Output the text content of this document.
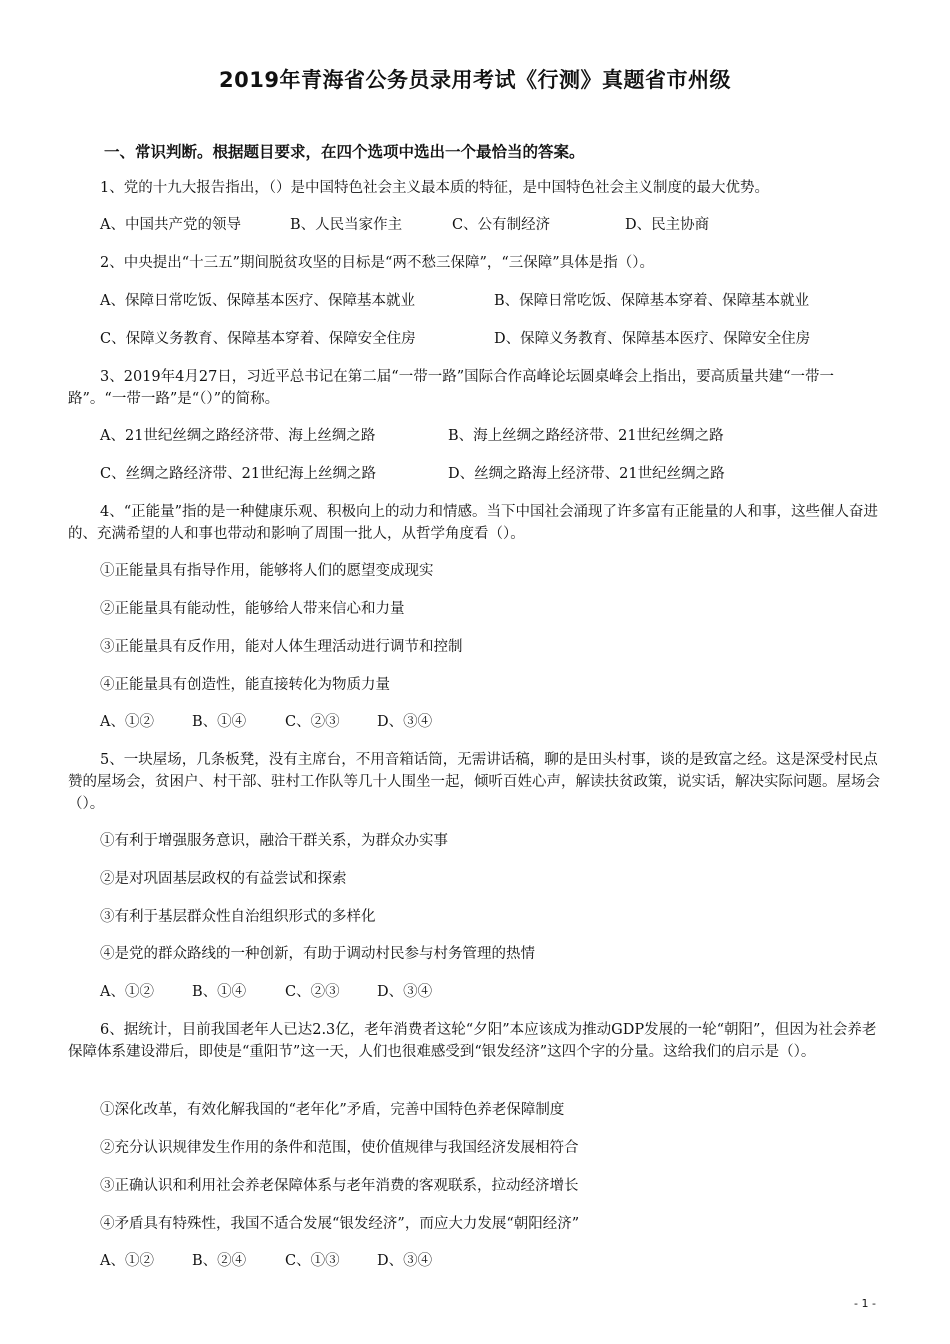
2019年青海省公务员录用考试《行测》真题省市州级
一、常识判断。根据题目要求，在四个选项中选出一个最恰当的答案。
1、党的十九大报告指出，（）是中国特色社会主义最本质的特征，是中国特色社会主义制度的最大优势。
A、中国共产党的领导	B、人民当家作主	C、公有制经济	D、民主协商
2、中央提出“十三五”期间脱贫攻坚的目标是“两不愁三保障”，“三保障”具体是指（）。
A、保障日常吃饭、保障基本医疗、保障基本就业	B、保障日常吃饭、保障基本穿着、保障基本就业
C、保障义务教育、保障基本穿着、保障安全住房	D、保障义务教育、保障基本医疗、保障安全住房
3、2019年4月27日，习近平总书记在第二届“一带一路”国际合作高峰论坛圆桌峰会上指出，要高质量共建“一带一路”。“一带一路”是“（）”的简称。
A、21世纪丝绸之路经济带、海上丝绸之路	B、海上丝绸之路经济带、21世纪丝绸之路
C、丝绸之路经济带、21世纪海上丝绸之路	D、丝绸之路海上经济带、21世纪丝绸之路
4、“正能量”指的是一种健康乐观、积极向上的动力和情感。当下中国社会涌现了许多富有正能量的人和事，这些催人奋进的、充满希望的人和事也带动和影响了周围一批人，从哲学角度看（）。
①正能量具有指导作用，能够将人们的愿望变成现实
②正能量具有能动性，能够给人带来信心和力量
③正能量具有反作用，能对人体生理活动进行调节和控制
④正能量具有创造性，能直接转化为物质力量
A、①②	B、①④	C、②③	D、③④
5、一块屋场，几条板凳，没有主席台，不用音箱话筒，无需讲话稿，聊的是田头村事，谈的是致富之经。这是深受村民点赞的屋场会，贫困户、村干部、驻村工作队等几十人围坐一起，倾听百姓心声，解读扶贫政策，说实话，解决实际问题。屋场会（）。
①有利于增强服务意识，融洽干群关系，为群众办实事
②是对巩固基层政权的有益尝试和探索
③有利于基层群众性自治组织形式的多样化
④是党的群众路线的一种创新，有助于调动村民参与村务管理的热情
A、①②	B、①④	C、②③	D、③④
6、据统计，目前我国老年人已达2.3亿，老年消费者这轮“夕阳”本应该成为推动GDP发展的一轮“朝阳”，但因为社会养老保障体系建设滞后，即使是“重阳节”这一天，人们也很难感受到“银发经济”这四个字的分量。这给我们的启示是（）。
①深化改革，有效化解我国的“老年化”矛盾，完善中国特色养老保障制度
②充分认识规律发生作用的条件和范围，使价值规律与我国经济发展相符合
③正确认识和利用社会养老保障体系与老年消费的客观联系，拉动经济增长
④矛盾具有特殊性，我国不适合发展“银发经济”，而应大力发展“朝阳经济”
A、①②	B、②④	C、①③	D、③④
- 1 -
